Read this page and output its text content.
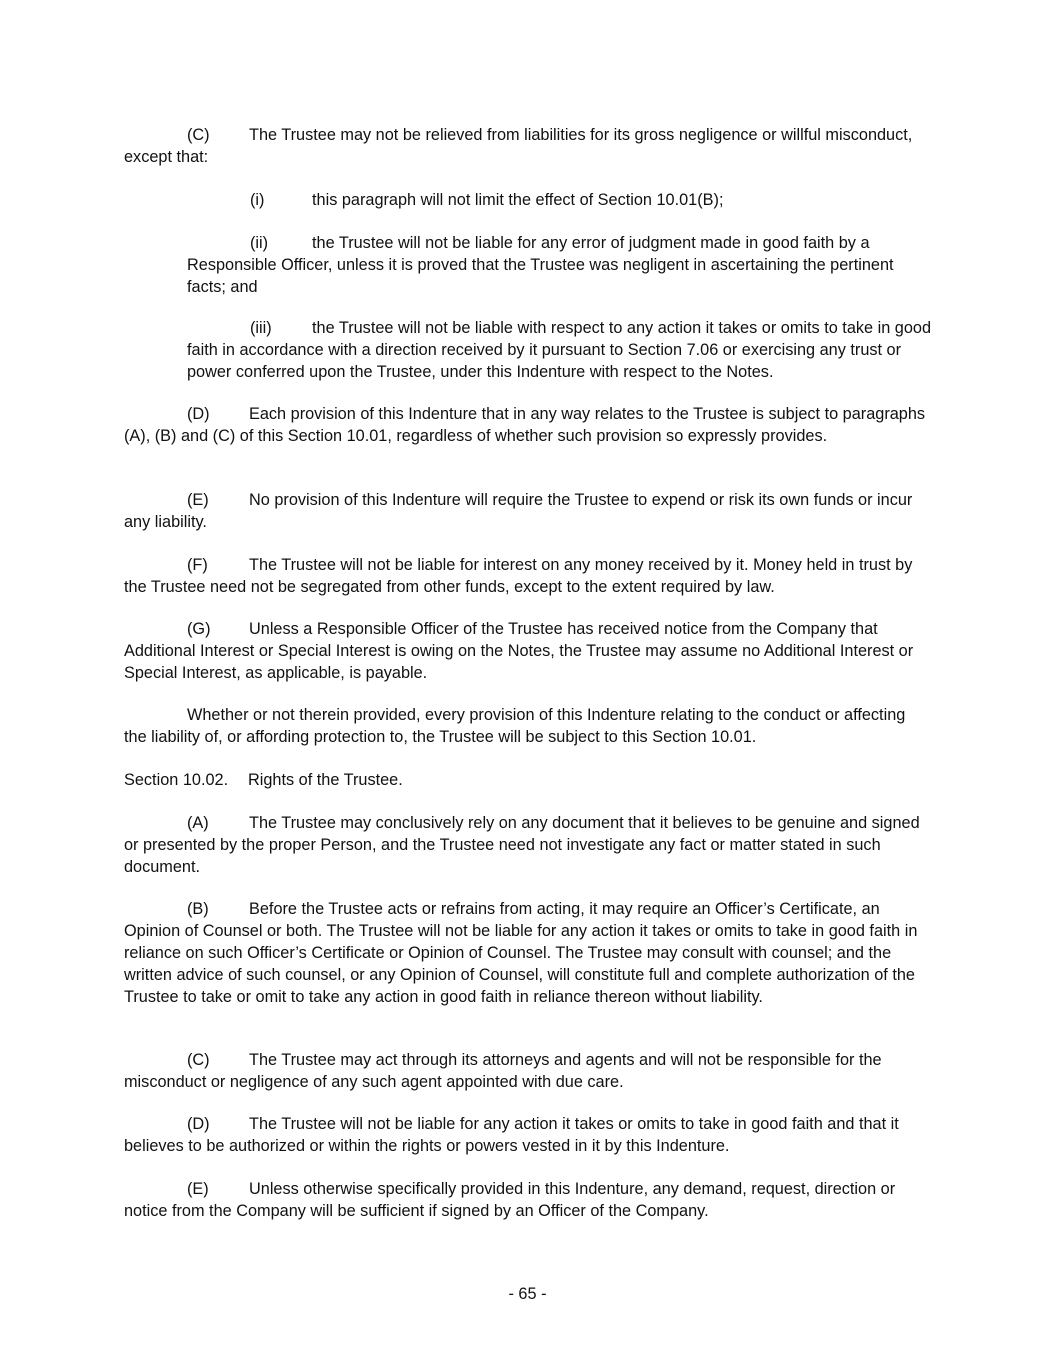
(C) The Trustee may not be relieved from liabilities for its gross negligence or willful misconduct, except that:

(i)	this paragraph will not limit the effect of Section 10.01(B);

(ii)	the Trustee will not be liable for any error of judgment made in good faith by a Responsible Officer, unless it is proved that the Trustee was negligent in ascertaining the pertinent facts; and

(iii) the Trustee will not be liable with respect to any action it takes or omits to take in good faith in accordance with a direction received by it pursuant to Section 7.06 or exercising any trust or power conferred upon the Trustee, under this Indenture with respect to the Notes.

(D) Each provision of this Indenture that in any way relates to the Trustee is subject to paragraphs (A), (B) and (C) of this Section 10.01, regardless of whether such provision so expressly provides.

(E) No provision of this Indenture will require the Trustee to expend or risk its own funds or incur any liability.

(F)	The Trustee will not be liable for interest on any money received by it. Money held in trust by the Trustee need not be segregated from other funds, except to the extent required by law.

(G) Unless a Responsible Officer of the Trustee has received notice from the Company that Additional Interest or Special Interest is owing on the Notes, the Trustee may assume no Additional Interest or Special Interest, as applicable, is payable.

Whether or not therein provided, every provision of this Indenture relating to the conduct or affecting the liability of, or affording protection to, the Trustee will be subject to this Section 10.01.

Section 10.02. Rights of the Trustee.

(A) The Trustee may conclusively rely on any document that it believes to be genuine and signed or presented by the proper Person, and the Trustee need not investigate any fact or matter stated in such document.

(B) Before the Trustee acts or refrains from acting, it may require an Officer’s Certificate, an Opinion of Counsel or both. The Trustee will not be liable for any action it takes or omits to take in good faith in reliance on such Officer’s Certificate or Opinion of Counsel. The Trustee may consult with counsel; and the written advice of such counsel, or any Opinion of Counsel, will constitute full and complete authorization of the Trustee to take or omit to take any action in good faith in reliance thereon without liability.

(C) The Trustee may act through its attorneys and agents and will not be responsible for the misconduct or negligence of any such agent appointed with due care.

(D) The Trustee will not be liable for any action it takes or omits to take in good faith and that it believes to be authorized or within the rights or powers vested in it by this Indenture.

(E) Unless otherwise specifically provided in this Indenture, any demand, request, direction or notice from the Company will be sufficient if signed by an Officer of the Company.

- 65 -
